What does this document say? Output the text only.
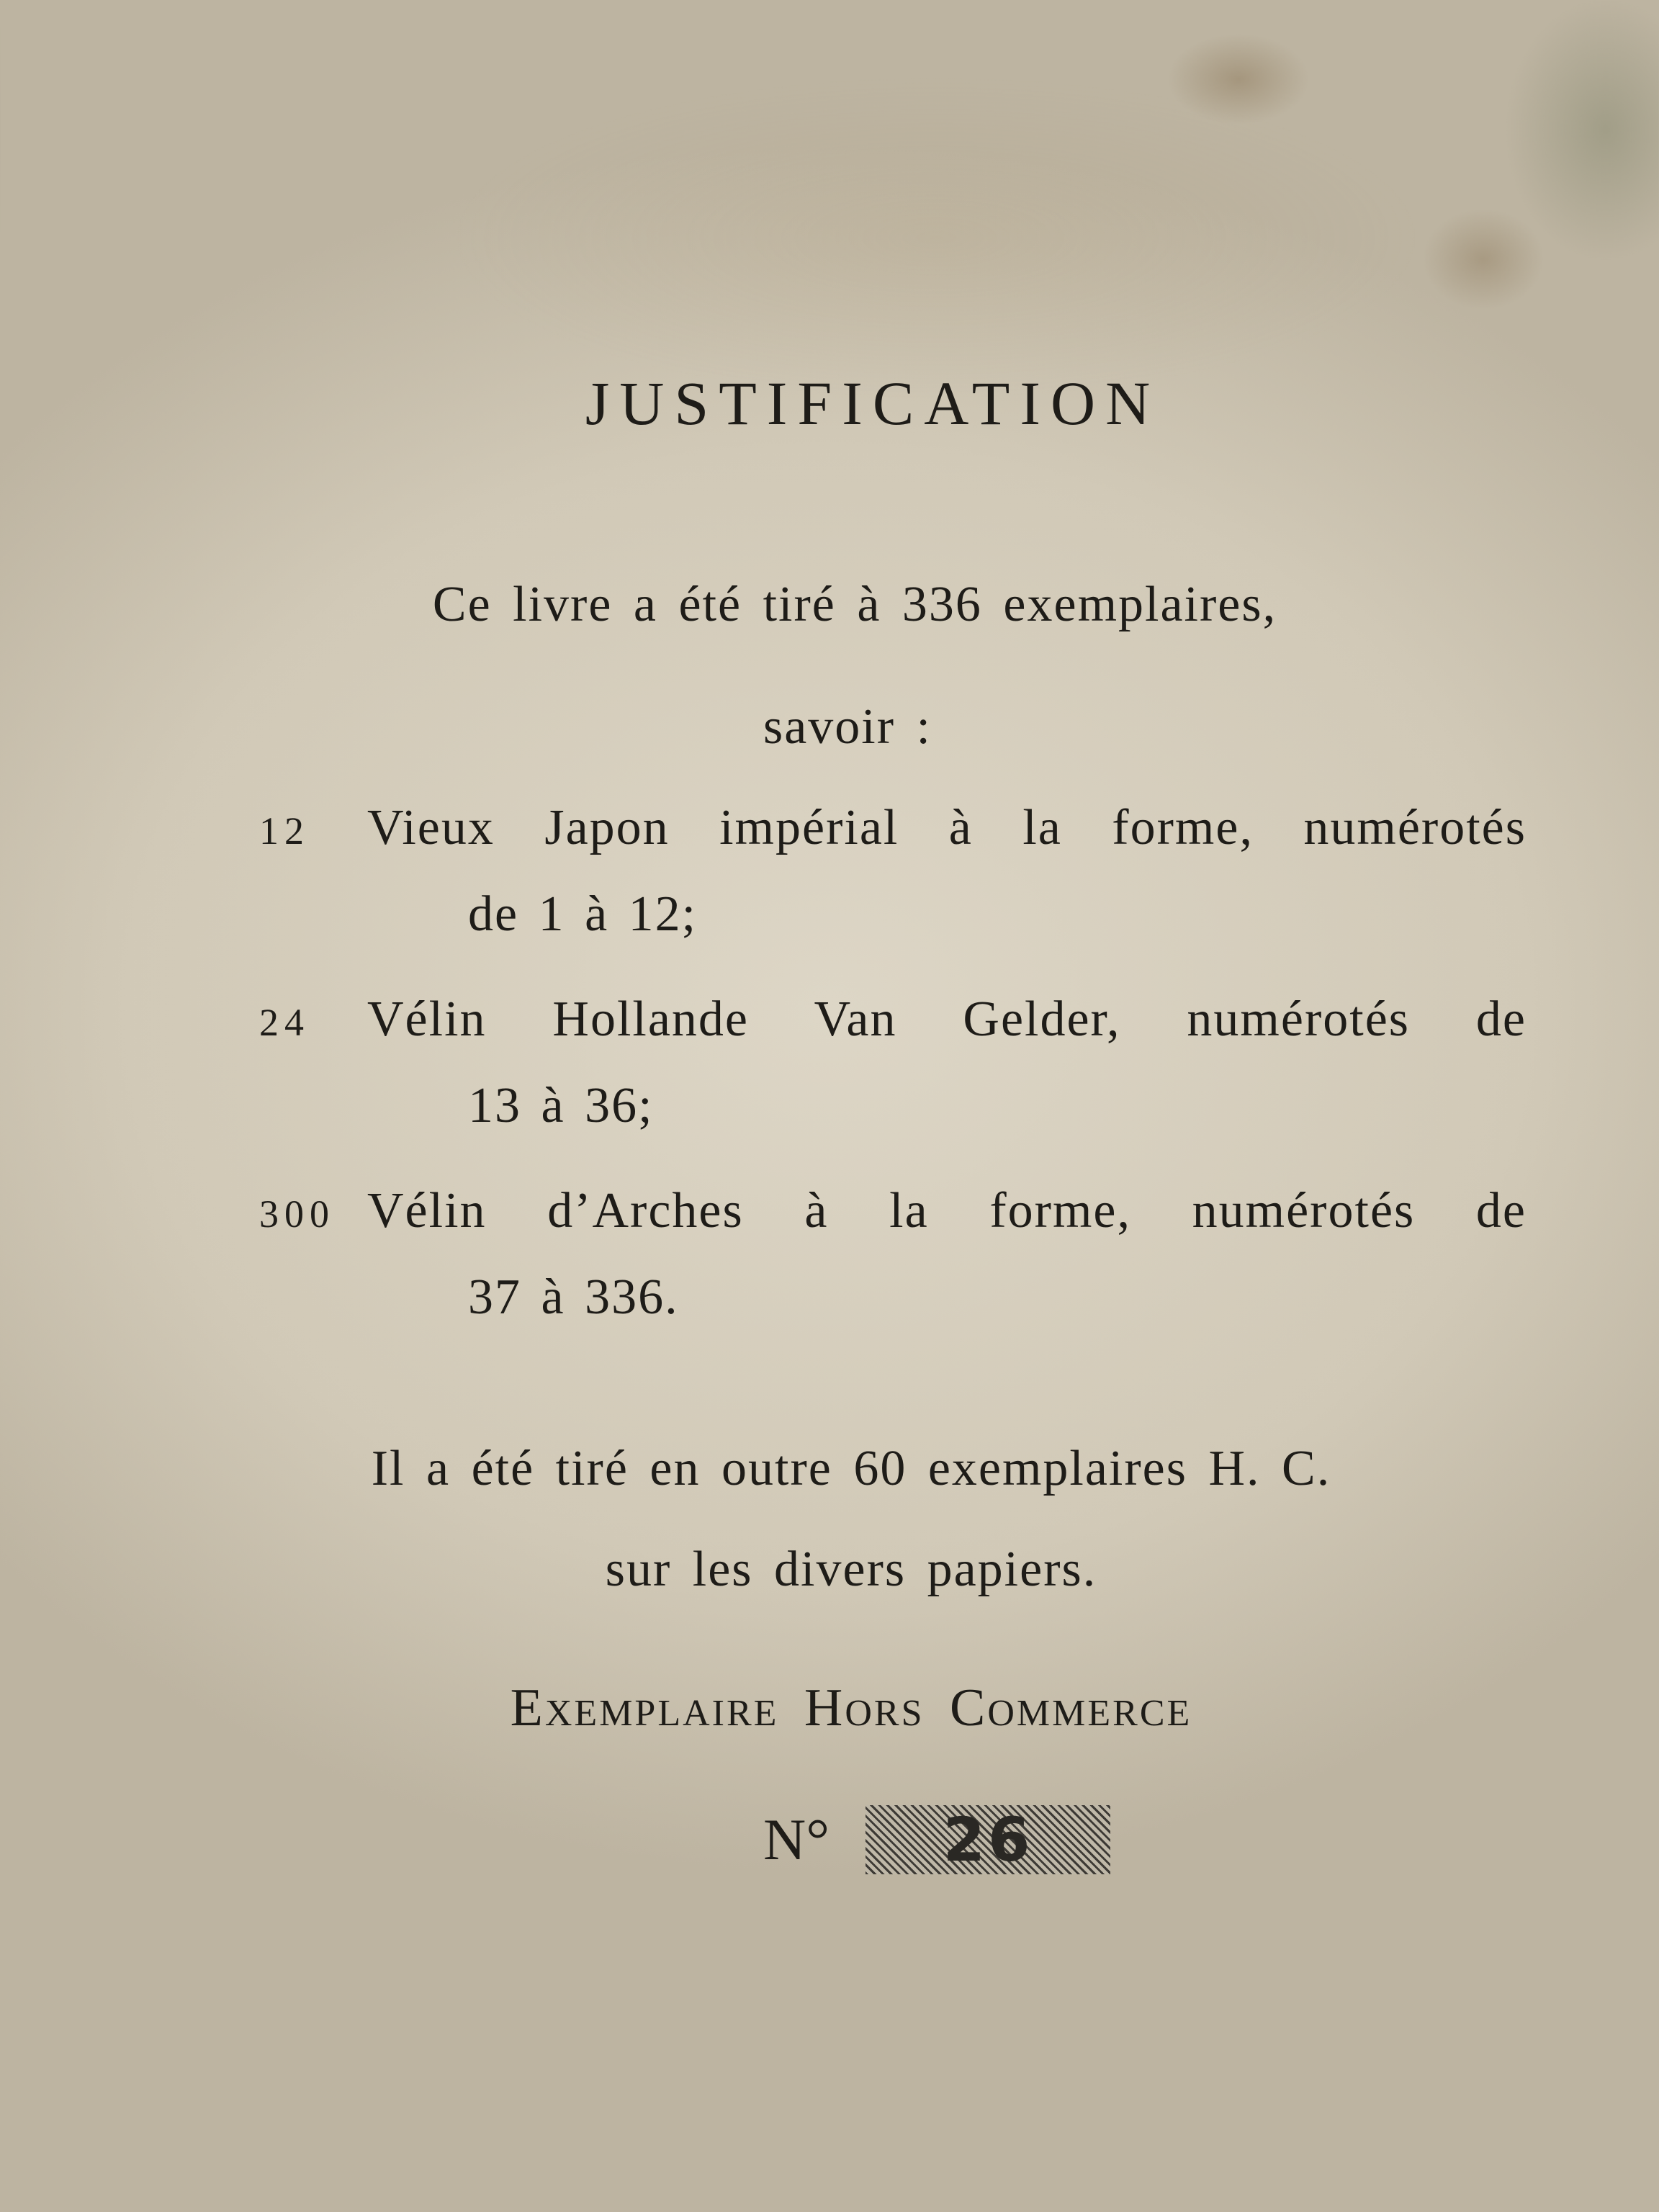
JUSTIFICATION
Ce livre a été tiré à 336 exemplaires,
savoir :
12	Vieux Japon impérial à la forme, numérotés
de 1 à 12;
24	Vélin Hollande Van Gelder, numérotés de
13 à 36;
300 Vélin d’Arches à la forme, numérotés de
37 à 336.
Il a été tiré en outre 60 exemplaires H. C.
sur les divers papiers.
Exemplaire Hors Commerce
N°	26
